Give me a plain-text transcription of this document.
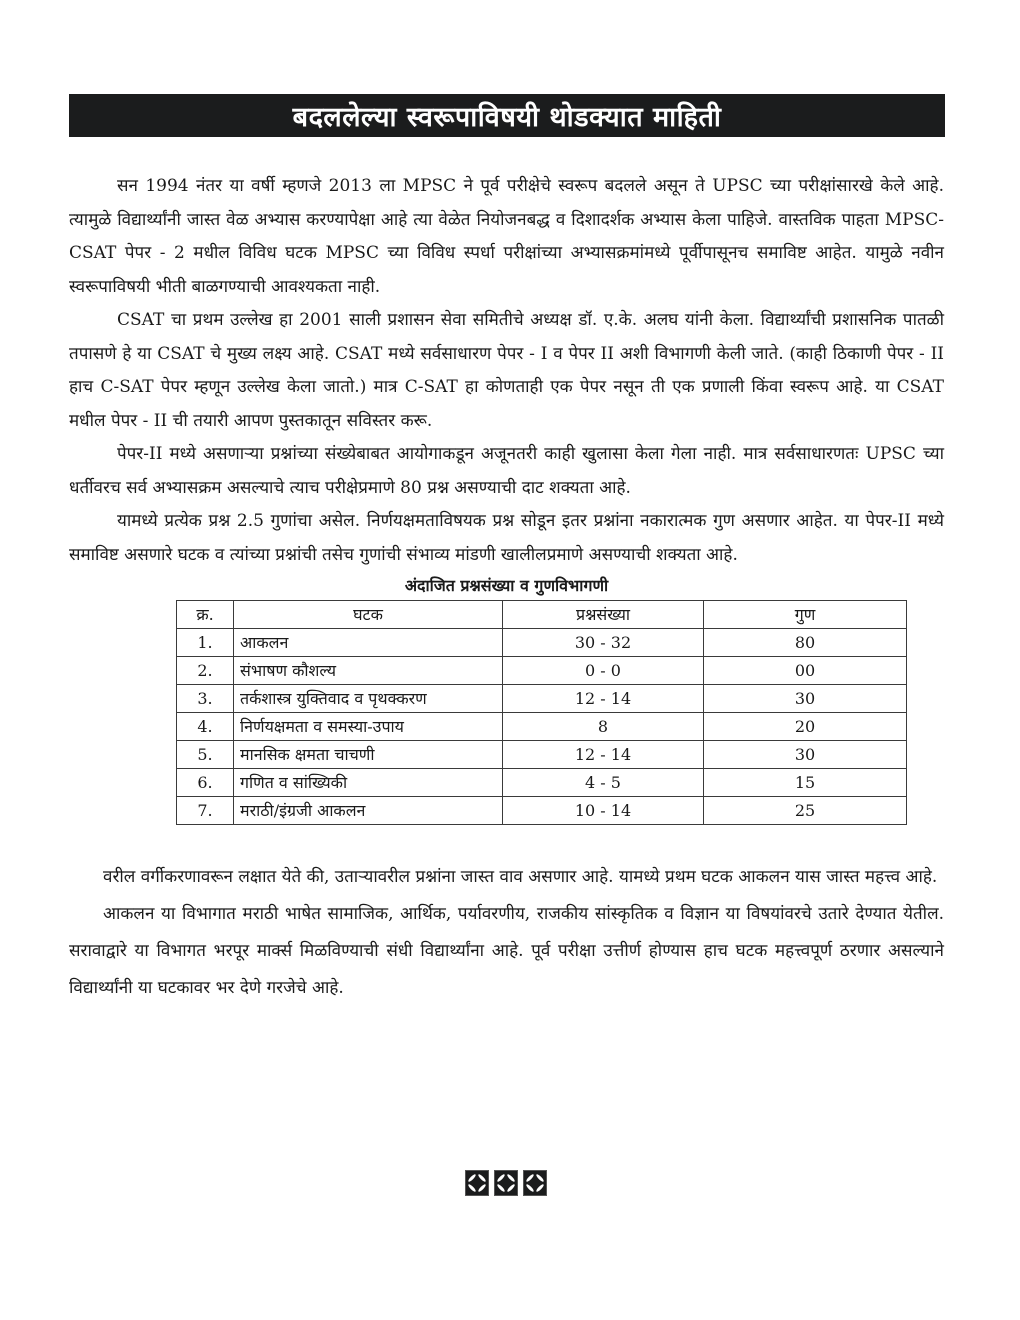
बदललेल्या स्वरूपाविषयी थोडक्यात माहिती

सन 1994 नंतर या वर्षी म्हणजे 2013 ला MPSC ने पूर्व परीक्षेचे स्वरूप बदलले असून ते UPSC च्या परीक्षांसारखे केले आहे. त्यामुळे विद्यार्थ्यांनी जास्त वेळ अभ्यास करण्यापेक्षा आहे त्या वेळेत नियोजनबद्ध व दिशादर्शक अभ्यास केला पाहिजे. वास्तविक पाहता MPSC-CSAT पेपर - 2 मधील विविध घटक MPSC च्या विविध स्पर्धा परीक्षांच्या अभ्यासक्रमांमध्ये पूर्वीपासूनच समाविष्ट आहेत. यामुळे नवीन स्वरूपाविषयी भीती बाळगण्याची आवश्यकता नाही.

CSAT चा प्रथम उल्लेख हा 2001 साली प्रशासन सेवा समितीचे अध्यक्ष डॉ. ए.के. अलघ यांनी केला. विद्यार्थ्यांची प्रशासनिक पातळी तपासणे हे या CSAT चे मुख्य लक्ष्य आहे. CSAT मध्ये सर्वसाधारण पेपर - I व पेपर II अशी विभागणी केली जाते. (काही ठिकाणी पेपर - II हाच C-SAT पेपर म्हणून उल्लेख केला जातो.) मात्र C-SAT हा कोणताही एक पेपर नसून ती एक प्रणाली किंवा स्वरूप आहे. या CSAT मधील पेपर - II ची तयारी आपण पुस्तकातून सविस्तर करू.

पेपर-II मध्ये असणाऱ्या प्रश्नांच्या संख्येबाबत आयोगाकडून अजूनतरी काही खुलासा केला गेला नाही. मात्र सर्वसाधारणतः UPSC च्या धर्तीवरच सर्व अभ्यासक्रम असल्याचे त्याच परीक्षेप्रमाणे 80 प्रश्न असण्याची दाट शक्यता आहे.

यामध्ये प्रत्येक प्रश्न 2.5 गुणांचा असेल. निर्णयक्षमताविषयक प्रश्न सोडून इतर प्रश्नांना नकारात्मक गुण असणार आहेत. या पेपर-II मध्ये समाविष्ट असणारे घटक व त्यांच्या प्रश्नांची तसेच गुणांची संभाव्य मांडणी खालीलप्रमाणे असण्याची शक्यता आहे.

अंदाजित प्रश्नसंख्या व गुणविभागणी
क्र.	घटक	प्रश्नसंख्या	गुण
1.	आकलन	30 - 32	80
2.	संभाषण कौशल्य	0 - 0	00
3.	तर्कशास्त्र युक्तिवाद व पृथक्करण	12 - 14	30
4.	निर्णयक्षमता व समस्या-उपाय	8	20
5.	मानसिक क्षमता चाचणी	12 - 14	30
6.	गणित व सांख्यिकी	4 - 5	15
7.	मराठी/इंग्रजी आकलन	10 - 14	25

वरील वर्गीकरणावरून लक्षात येते की, उताऱ्यावरील प्रश्नांना जास्त वाव असणार आहे. यामध्ये प्रथम घटक आकलन यास जास्त महत्त्व आहे.

आकलन या विभागात मराठी भाषेत सामाजिक, आर्थिक, पर्यावरणीय, राजकीय सांस्कृतिक व विज्ञान या विषयांवरचे उतारे देण्यात येतील. सरावाद्वारे या विभागत भरपूर मार्क्स मिळविण्याची संधी विद्यार्थ्यांना आहे. पूर्व परीक्षा उत्तीर्ण होण्यास हाच घटक महत्त्वपूर्ण ठरणार असल्याने विद्यार्थ्यांनी या घटकावर भर देणे गरजेचे आहे.
